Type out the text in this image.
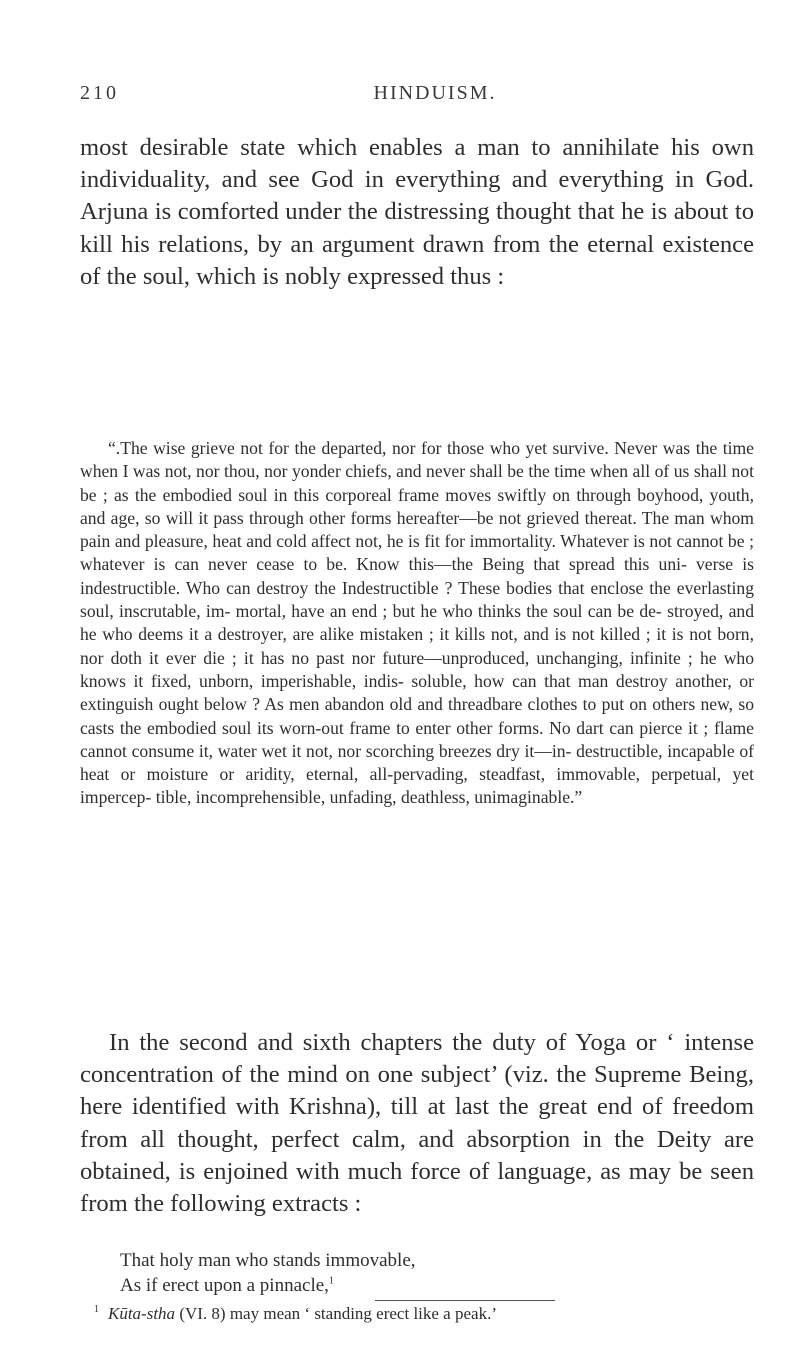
210	HINDUISM.

most desirable state which enables a man to annihilate his own individuality, and see God in everything and everything in God. Arjuna is comforted under the distressing thought that he is about to kill his relations, by an argument drawn from the eternal existence of the soul, which is nobly expressed thus :

“.The wise grieve not for the departed, nor for those who yet survive. Never was the time when I was not, nor thou, nor yonder chiefs, and never shall be the time when all of us shall not be ; as the embodied soul in this corporeal frame moves swiftly on through boyhood, youth, and age, so will it pass through other forms hereafter—be not grieved thereat. The man whom pain and pleasure, heat and cold affect not, he is fit for immortality. Whatever is not cannot be ; whatever is can never cease to be. Know this—the Being that spread this uni- verse is indestructible. Who can destroy the Indestructible ? These bodies that enclose the everlasting soul, inscrutable, im- mortal, have an end ; but he who thinks the soul can be de- stroyed, and he who deems it a destroyer, are alike mistaken ; it kills not, and is not killed ; it is not born, nor doth it ever die ; it has no past nor future—unproduced, unchanging, infinite ; he who knows it fixed, unborn, imperishable, indis- soluble, how can that man destroy another, or extinguish ought below ? As men abandon old and threadbare clothes to put on others new, so casts the embodied soul its worn-out frame to enter other forms. No dart can pierce it ; flame cannot consume it, water wet it not, nor scorching breezes dry it—in- destructible, incapable of heat or moisture or aridity, eternal, all-pervading, steadfast, immovable, perpetual, yet impercep- tible, incomprehensible, unfading, deathless, unimaginable.”

In the second and sixth chapters the duty of Yoga or ‘ intense concentration of the mind on one subject’ (viz. the Supreme Being, here identified with Krishna), till at last the great end of freedom from all thought, perfect calm, and absorption in the Deity are obtained, is enjoined with much force of language, as may be seen from the following extracts :

That holy man who stands immovable,
As if erect upon a pinnacle,$^1$
1 Kūta-stha (VI. 8) may mean ‘ standing erect like a peak.’
